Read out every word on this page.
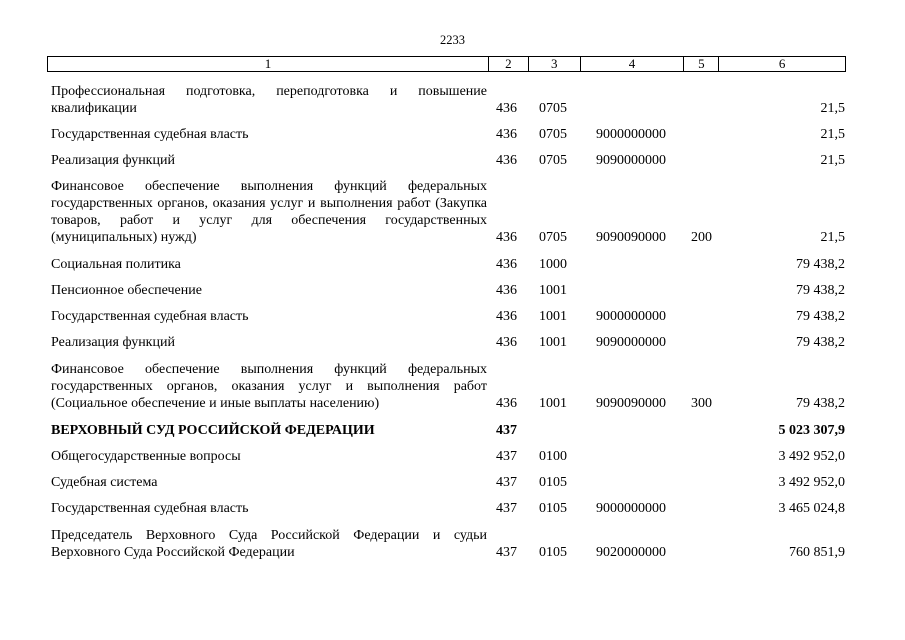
2233
1	2	3	4	5	6
Профессиональная подготовка, переподготовка и повышение квалификации	436 0705	21,5
Государственная судебная власть	436 0705 9000000000	21,5
Реализация функций	436 0705 9090000000	21,5
Финансовое обеспечение выполнения функций федеральных государственных органов, оказания услуг и выполнения работ (Закупка товаров, работ и услуг для обеспечения государственных (муниципальных) нужд)	436 0705 9090090000 200	21,5
Социальная политика	436 1000	79 438,2
Пенсионное обеспечение	436 1001	79 438,2
Государственная судебная власть	436 1001 9000000000	79 438,2
Реализация функций	436 1001 9090000000	79 438,2
Финансовое обеспечение выполнения функций федеральных государственных органов, оказания услуг и выполнения работ (Социальное обеспечение и иные выплаты населению)	436 1001 9090090000 300	79 438,2
ВЕРХОВНЫЙ СУД РОССИЙСКОЙ ФЕДЕРАЦИИ	437	5 023 307,9
Общегосударственные вопросы	437 0100	3 492 952,0
Судебная система	437 0105	3 492 952,0
Государственная судебная власть	437 0105 9000000000	3 465 024,8
Председатель Верховного Суда Российской Федерации и судьи Верховного Суда Российской Федерации	437 0105 9020000000	760 851,9
